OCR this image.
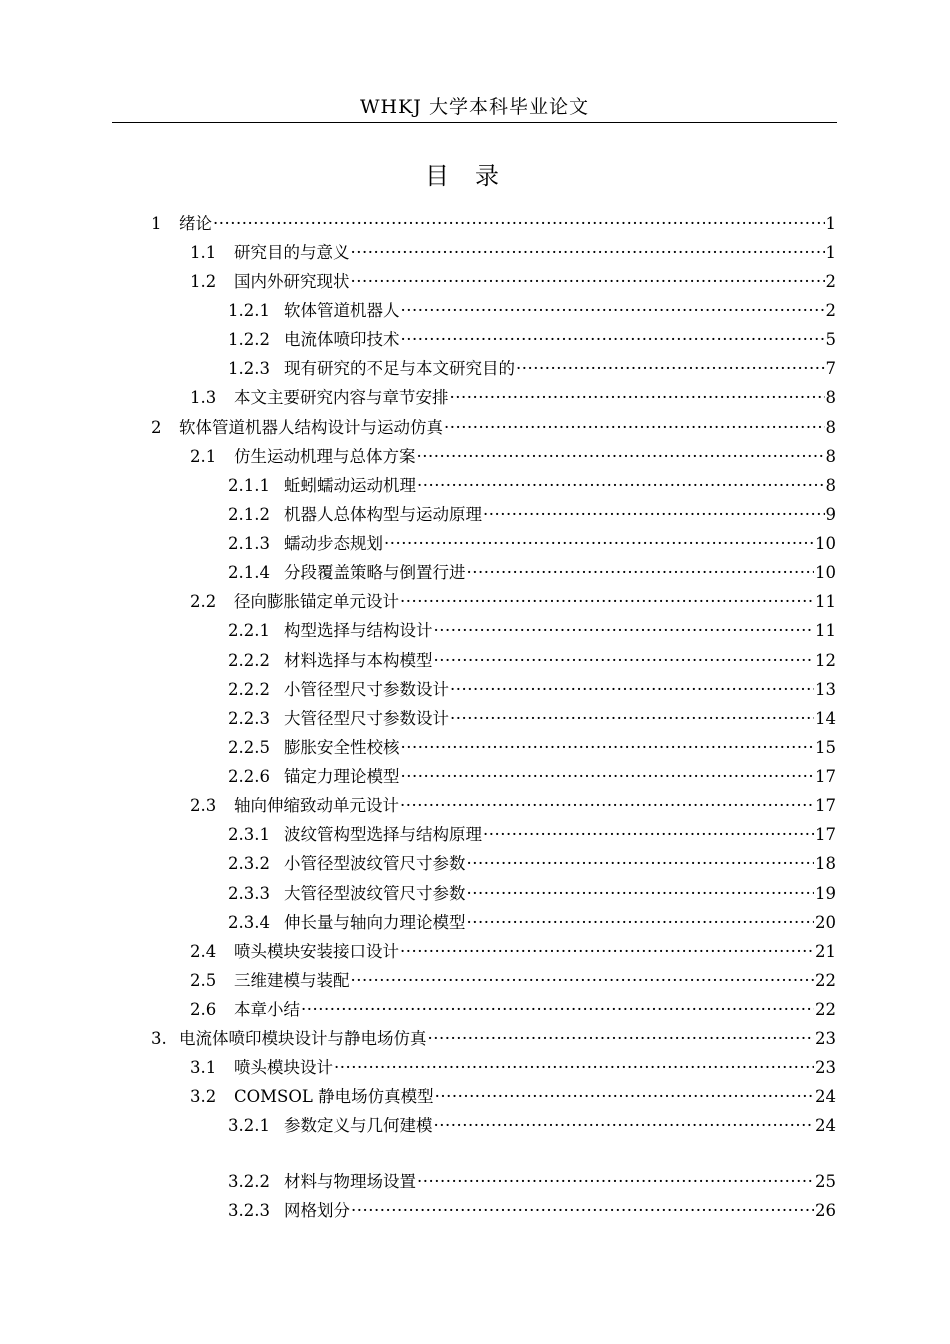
WHKJ 大学本科毕业论文
目录
1	绪论 ·····	1
1.1	研究目的与意义 ·····	1
1.2	国内外研究现状 ·····	2
1.2.1 软体管道机器人 ·····	2
1.2.2 电流体喷印技术 ·····	5
1.2.3 现有研究的不足与本文研究目的 ·····	7
1.3	本文主要研究内容与章节安排 ·····	8
2	软体管道机器人结构设计与运动仿真 ·····	8
2.1	仿生运动机理与总体方案 ·····	8
2.1.1 蚯蚓蠕动运动机理 ·····	8
2.1.2 机器人总体构型与运动原理 ·····	9
2.1.3 蠕动步态规划 ·····	10
2.1.4 分段覆盖策略与倒置行进 ·····	10
2.2	径向膨胀锚定单元设计 ·····	11
2.2.1 构型选择与结构设计 ·····	11
2.2.2 材料选择与本构模型 ·····	12
2.2.2 小管径型尺寸参数设计 ·····	13
2.2.3 大管径型尺寸参数设计 ·····	14
2.2.5 膨胀安全性校核 ·····	15
2.2.6 锚定力理论模型 ·····	17
2.3	轴向伸缩致动单元设计 ·····	17
2.3.1 波纹管构型选择与结构原理 ·····	17
2.3.2 小管径型波纹管尺寸参数 ·····	18
2.3.3 大管径型波纹管尺寸参数 ·····	19
2.3.4 伸长量与轴向力理论模型 ·····	20
2.4	喷头模块安装接口设计 ·····	21
2.5	三维建模与装配 ·····	22
2.6	本章小结 ·····	22
3. 电流体喷印模块设计与静电场仿真 ·····	23
3.1	喷头模块设计 ·····	23
3.2	COMSOL 静电场仿真模型 ·····	24
3.2.1 参数定义与几何建模 ·····	24
3.2.2 材料与物理场设置 ·····	25
3.2.3 网格划分 ·····	26
